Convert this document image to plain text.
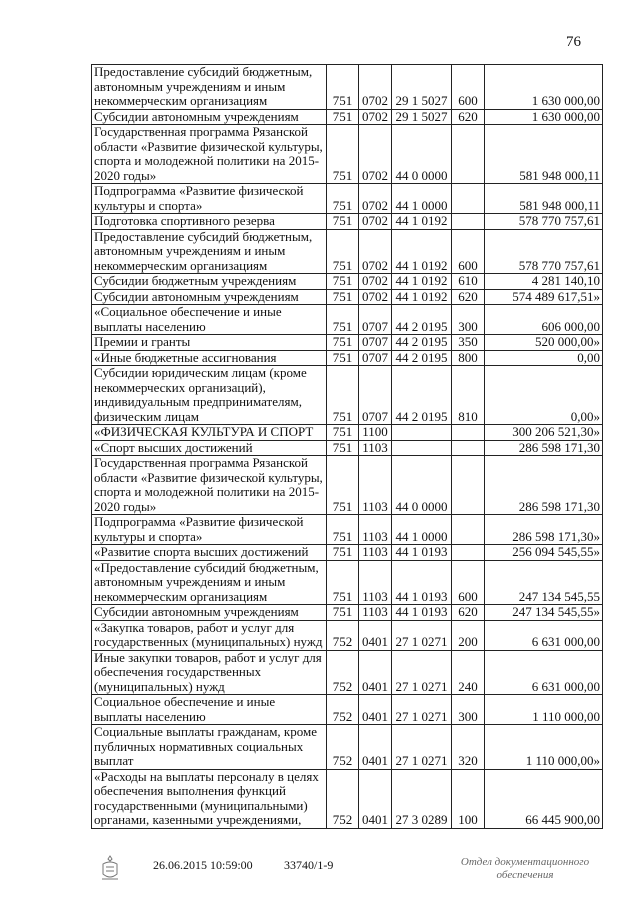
76
Предоставление субсидий бюджетным, автономным учреждениям и иным некоммерческим организациям	751	0702	29 1 5027	600	1 630 000,00
Субсидии автономным учреждениям	751	0702	29 1 5027	620	1 630 000,00
Государственная программа Рязанской области «Развитие физической культуры, спорта и молодежной политики на 2015-2020 годы»	751	0702	44 0 0000		581 948 000,11
Подпрограмма «Развитие физической культуры и спорта»	751	0702	44 1 0000		581 948 000,11
Подготовка спортивного резерва	751	0702	44 1 0192		578 770 757,61
Предоставление субсидий бюджетным, автономным учреждениям и иным некоммерческим организациям	751	0702	44 1 0192	600	578 770 757,61
Субсидии бюджетным учреждениям	751	0702	44 1 0192	610	4 281 140,10
Субсидии автономным учреждениям	751	0702	44 1 0192	620	574 489 617,51»
«Социальное обеспечение и иные выплаты населению	751	0707	44 2 0195	300	606 000,00
Премии и гранты	751	0707	44 2 0195	350	520 000,00»
«Иные бюджетные ассигнования	751	0707	44 2 0195	800	0,00
Субсидии юридическим лицам (кроме некоммерческих организаций), индивидуальным предпринимателям, физическим лицам	751	0707	44 2 0195	810	0,00»
«ФИЗИЧЕСКАЯ КУЛЬТУРА И СПОРТ	751	1100			300 206 521,30»
«Спорт высших достижений	751	1103			286 598 171,30
Государственная программа Рязанской области «Развитие физической культуры, спорта и молодежной политики на 2015-2020 годы»	751	1103	44 0 0000		286 598 171,30
Подпрограмма «Развитие физической культуры и спорта»	751	1103	44 1 0000		286 598 171,30»
«Развитие спорта высших достижений	751	1103	44 1 0193		256 094 545,55»
«Предоставление субсидий бюджетным, автономным учреждениям и иным некоммерческим организациям	751	1103	44 1 0193	600	247 134 545,55
Субсидии автономным учреждениям	751	1103	44 1 0193	620	247 134 545,55»
«Закупка товаров, работ и услуг для государственных (муниципальных) нужд	752	0401	27 1 0271	200	6 631 000,00
Иные закупки товаров, работ и услуг для обеспечения государственных (муниципальных) нужд	752	0401	27 1 0271	240	6 631 000,00
Социальное обеспечение и иные выплаты населению	752	0401	27 1 0271	300	1 110 000,00
Социальные выплаты гражданам, кроме публичных нормативных социальных выплат	752	0401	27 1 0271	320	1 110 000,00»
«Расходы на выплаты персоналу в целях обеспечения выполнения функций государственными (муниципальными) органами, казенными учреждениями,	752	0401	27 3 0289	100	66 445 900,00
26.06.2015 10:59:00	33740/1-9	Отдел документационного
обеспечения
